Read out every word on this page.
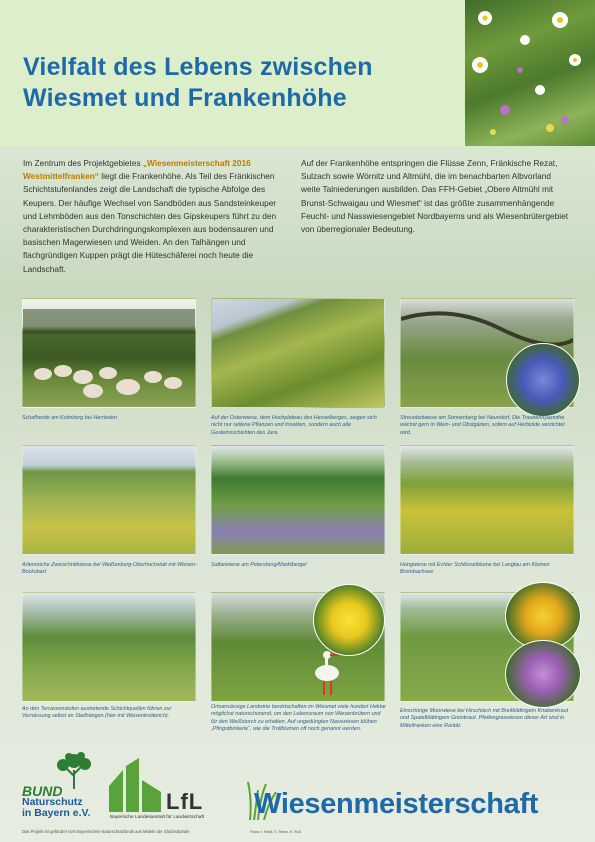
Vielfalt des Lebens zwischen
Wiesmet und Frankenhöhe
Im Zentrum des Projektgebietes „Wiesenmeisterschaft 2016 Westmittelfranken“ liegt die Frankenhöhe. Als Teil des Fränkischen Schichtstufenlandes zeigt die Landschaft die typische Abfolge des Keupers. Der häufige Wechsel von Sandböden aus Sandsteinkeuper und Lehmböden aus den Tonschichten des Gipskeupers führt zu den charakteristischen Durchdringungskomplexen aus bodensauren und basischen Magerwiesen und Weiden. An den Talhängen und flachgründigen Kuppen prägt die Hüteschäferei noch heute die Landschaft.
Auf der Frankenhöhe entspringen die Flüsse Zenn, Fränkische Rezat, Sulzach sowie Wörnitz und Altmühl, die im benachbarten Albvorland weite Talniederungen ausbilden. Das FFH-Gebiet „Obere Altmühl mit Brunst-Schwaigau und Wiesmet“ ist das größte zusammenhängende Feucht- und Nasswiesengebiet Nordbayerns und als Wiesenbrütergebiet von überregionaler Bedeutung.
Schafherde am Kolmberg bei Herrieden	Auf der Osterwiese, dem Hochplateau des Hesselberges, zeigen sich nicht nur seltene Pflanzen und Insekten, sondern auch alle Gesteinsschichten des Jura.
Streuobstwiese am Sonnenberg bei Neundorf. Die Traubenhyazinthe wächst gern in Wein- und Obstgärten, sofern auf Herbizide verzichtet wird.
Artenreiche Zweischnittwiese bei Weißenburg-Oberhochstatt mit Wiesen-Bocksbart
Salbeiwiese am Petersberg/Marktbergel	Hangwiese mit Echter Schlüsselblume bei Langlau am Kleinen Brombachsee
An den Terrassenstufen austretende Schichtquellen führen zur Vernässung selbst an Steilhängen (hier mit Wiesenknöterich).
Ortsansässige Landwirte bewirtschaften im Wiesmet viele hundert Hektar möglichst naturschonend, um den Lebensraum von Wiesenbrütern und für den Weißstorch zu erhalten. Auf ungedüngten Nasswiesen blühen „Pfingstbinkerle“, wie die Trollblumen oft noch genannt werden.
Einschürige Moorwiese bei Hirschlach mit Breitblättrigem Knabenkraut und Spatelblättrigem Greiskraut. Pfeifengraswiesen dieser Art sind in Mittelfranken eine Rarität.
BUND
Naturschutz
in Bayern e.V.	LfL
Bayerische Landesanstalt für Landwirtschaft	Wiesenmeisterschaft
Das Projekt ist gefördert vom Bayerischen Naturschutzfonds aus Mitteln der GlücksSpirale	Fotos: I. Riedl, S. Stenz, K. Ruß
